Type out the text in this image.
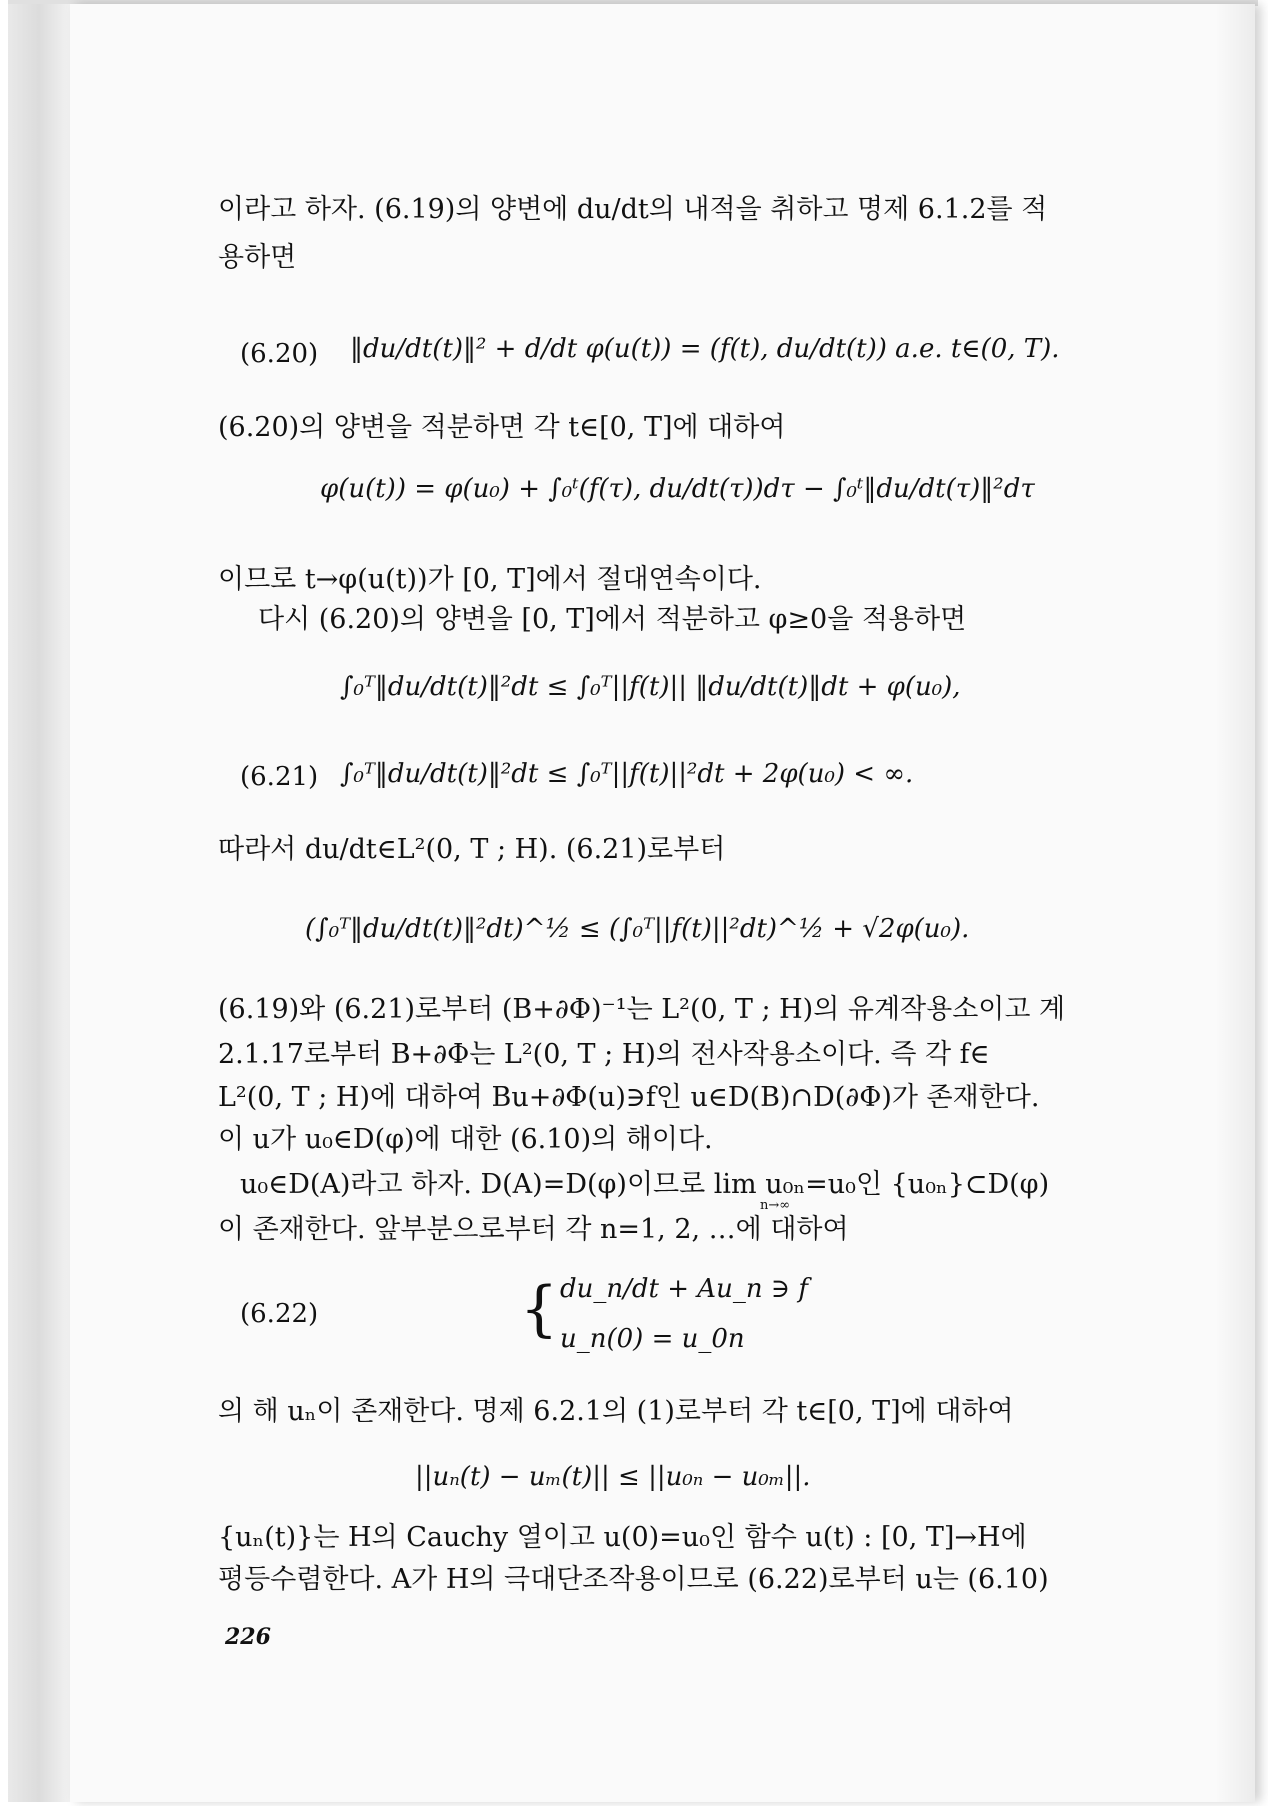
이라고 하자. (6.19)의 양변에 du/dt의 내적을 취하고 명제 6.1.2를 적
용하면
(6.20) ‖du/dt(t)‖² + d/dt φ(u(t)) = (f(t), du/dt(t)) a.e. t∈(0, T).
(6.20)의 양변을 적분하면 각 t∈[0, T]에 대하여
φ(u(t)) = φ(u₀) + ∫₀ᵗ(f(τ), du/dt(τ))dτ − ∫₀ᵗ‖du/dt(τ)‖²dτ
이므로 t→φ(u(t))가 [0, T]에서 절대연속이다.
다시 (6.20)의 양변을 [0, T]에서 적분하고 φ≥0을 적용하면
∫₀ᵀ‖du/dt(t)‖²dt ≤ ∫₀ᵀ||f(t)|| ‖du/dt(t)‖dt + φ(u₀),
(6.21) ∫₀ᵀ‖du/dt(t)‖²dt ≤ ∫₀ᵀ||f(t)||²dt + 2φ(u₀) < ∞.
따라서 du/dt∈L²(0, T ; H). (6.21)로부터
(∫₀ᵀ‖du/dt(t)‖²dt)^½ ≤ (∫₀ᵀ||f(t)||²dt)^½ + √2φ(u₀).
(6.19)와 (6.21)로부터 (B+∂Φ)⁻¹는 L²(0, T ; H)의 유계작용소이고 계
2.1.17로부터 B+∂Φ는 L²(0, T ; H)의 전사작용소이다. 즉 각 f∈
L²(0, T ; H)에 대하여 Bu+∂Φ(u)∋f인 u∈D(B)∩D(∂Φ)가 존재한다.
이 u가 u₀∈D(φ)에 대한 (6.10)의 해이다.
u₀∈D(A)라고 하자. D(A)=D(φ)이므로 lim u₀ₙ=u₀인 {u₀ₙ}⊂D(φ)
n→∞
이 존재한다. 앞부분으로부터 각 n=1, 2, …에 대하여
(6.22)	{ du_n/dt + Au_n ∋ f
u_n(0) = u_0n
의 해 uₙ이 존재한다. 명제 6.2.1의 (1)로부터 각 t∈[0, T]에 대하여
||uₙ(t) − uₘ(t)|| ≤ ||u₀ₙ − u₀ₘ||.
{uₙ(t)}는 H의 Cauchy 열이고 u(0)=u₀인 함수 u(t) : [0, T]→H에
평등수렴한다. A가 H의 극대단조작용이므로 (6.22)로부터 u는 (6.10)
226
